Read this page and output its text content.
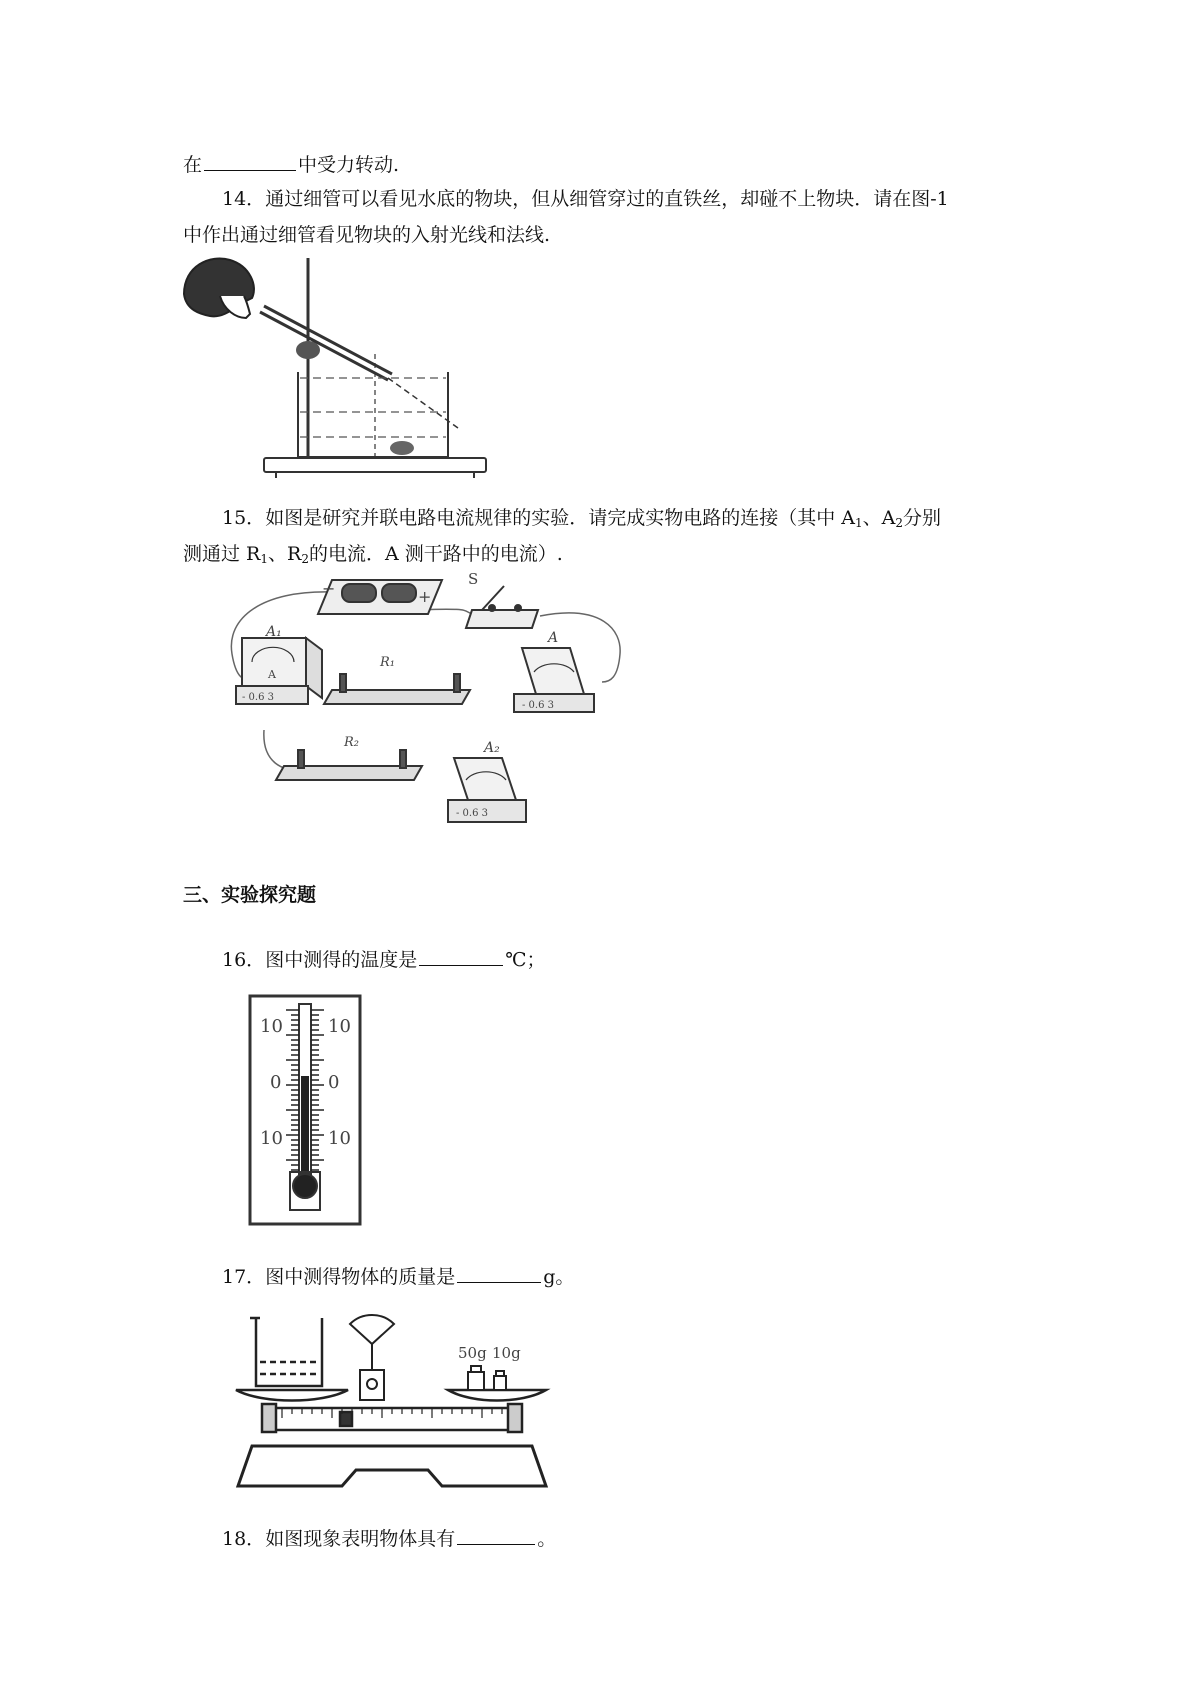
在	中受力转动.
14．通过细管可以看见水底的物块，但从细管穿过的直铁丝，却碰不上物块．请在图-1
中作出通过细管看见物块的入射光线和法线.
15．如图是研究并联电路电流规律的实验．请完成实物电路的连接（其中 $A_1$、$A_2$分别
测通过 $R_1$、$R_2$的电流．A 测干路中的电流）.
−	+
S
A₁
A
- 0.6 3
R₁
A
- 0.6 3
R₂	A₂
- 0.6 3
三、实验探究题
16．图中测得的温度是	℃；
10	10
0	0
10	10
17．图中测得物体的质量是	g。
50g 10g
18．如图现象表明物体具有	。
